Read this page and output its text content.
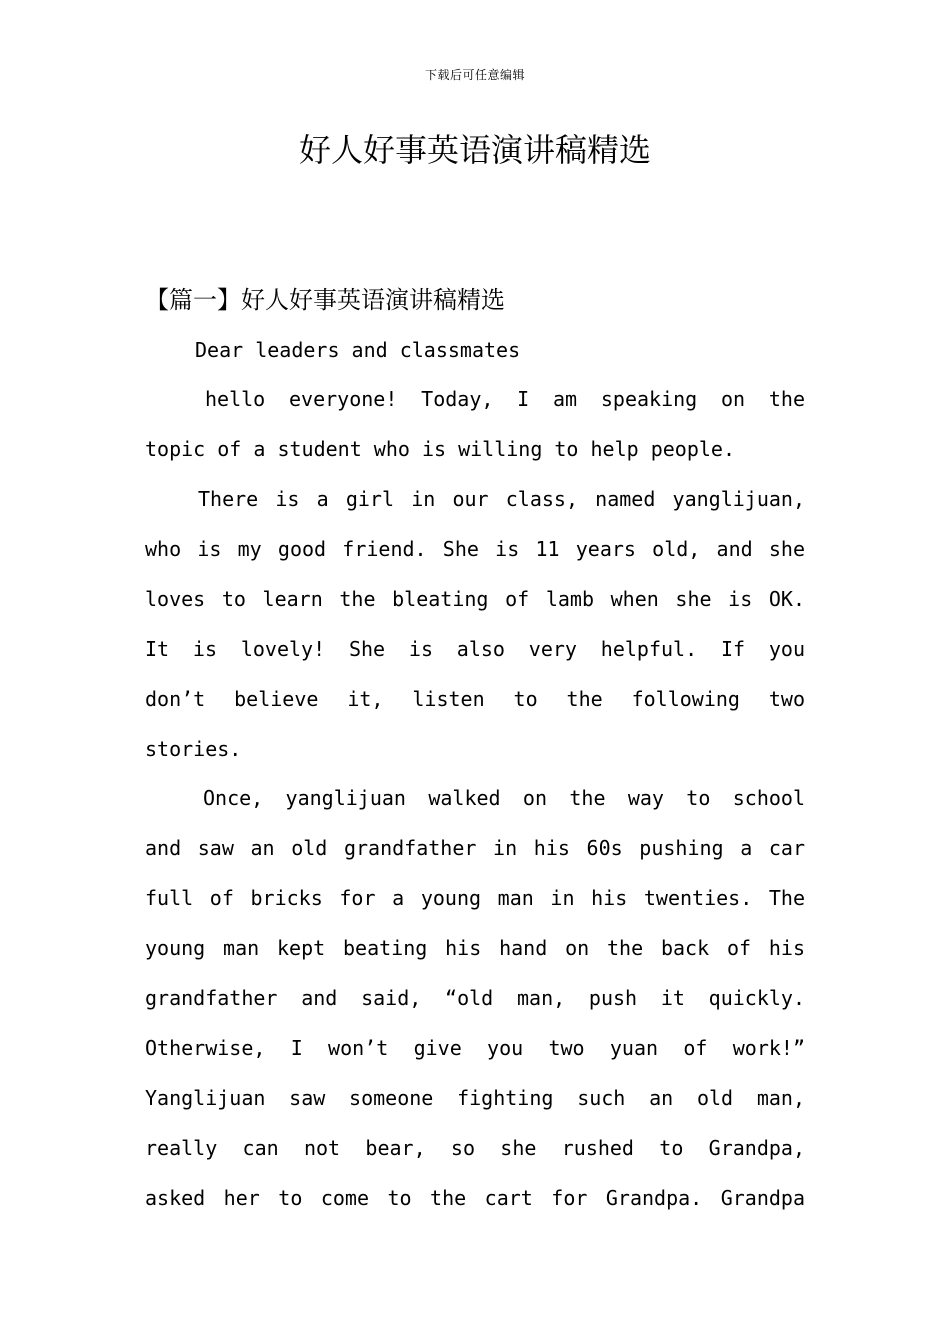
下载后可任意编辑
好人好事英语演讲稿精选
【篇一】好人好事英语演讲稿精选
Dear leaders and classmates
hello everyone! Today, I am speaking on the
topic of a student who is willing to help people.
There is a girl in our class, named yanglijuan,
who is my good friend. She is 11 years old, and she
loves to learn the bleating of lamb when she is OK.
It is lovely! She is also very helpful. If you
don’t believe it, listen to the following two
stories.
Once, yanglijuan walked on the way to school
and saw an old grandfather in his 60s pushing a car
full of bricks for a young man in his twenties. The
young man kept beating his hand on the back of his
grandfather and said, “old man, push it quickly.
Otherwise, I won’t give you two yuan of work!”
Yanglijuan saw someone fighting such an old man,
really can not bear, so she rushed to Grandpa,
asked her to come to the cart for Grandpa. Grandpa
